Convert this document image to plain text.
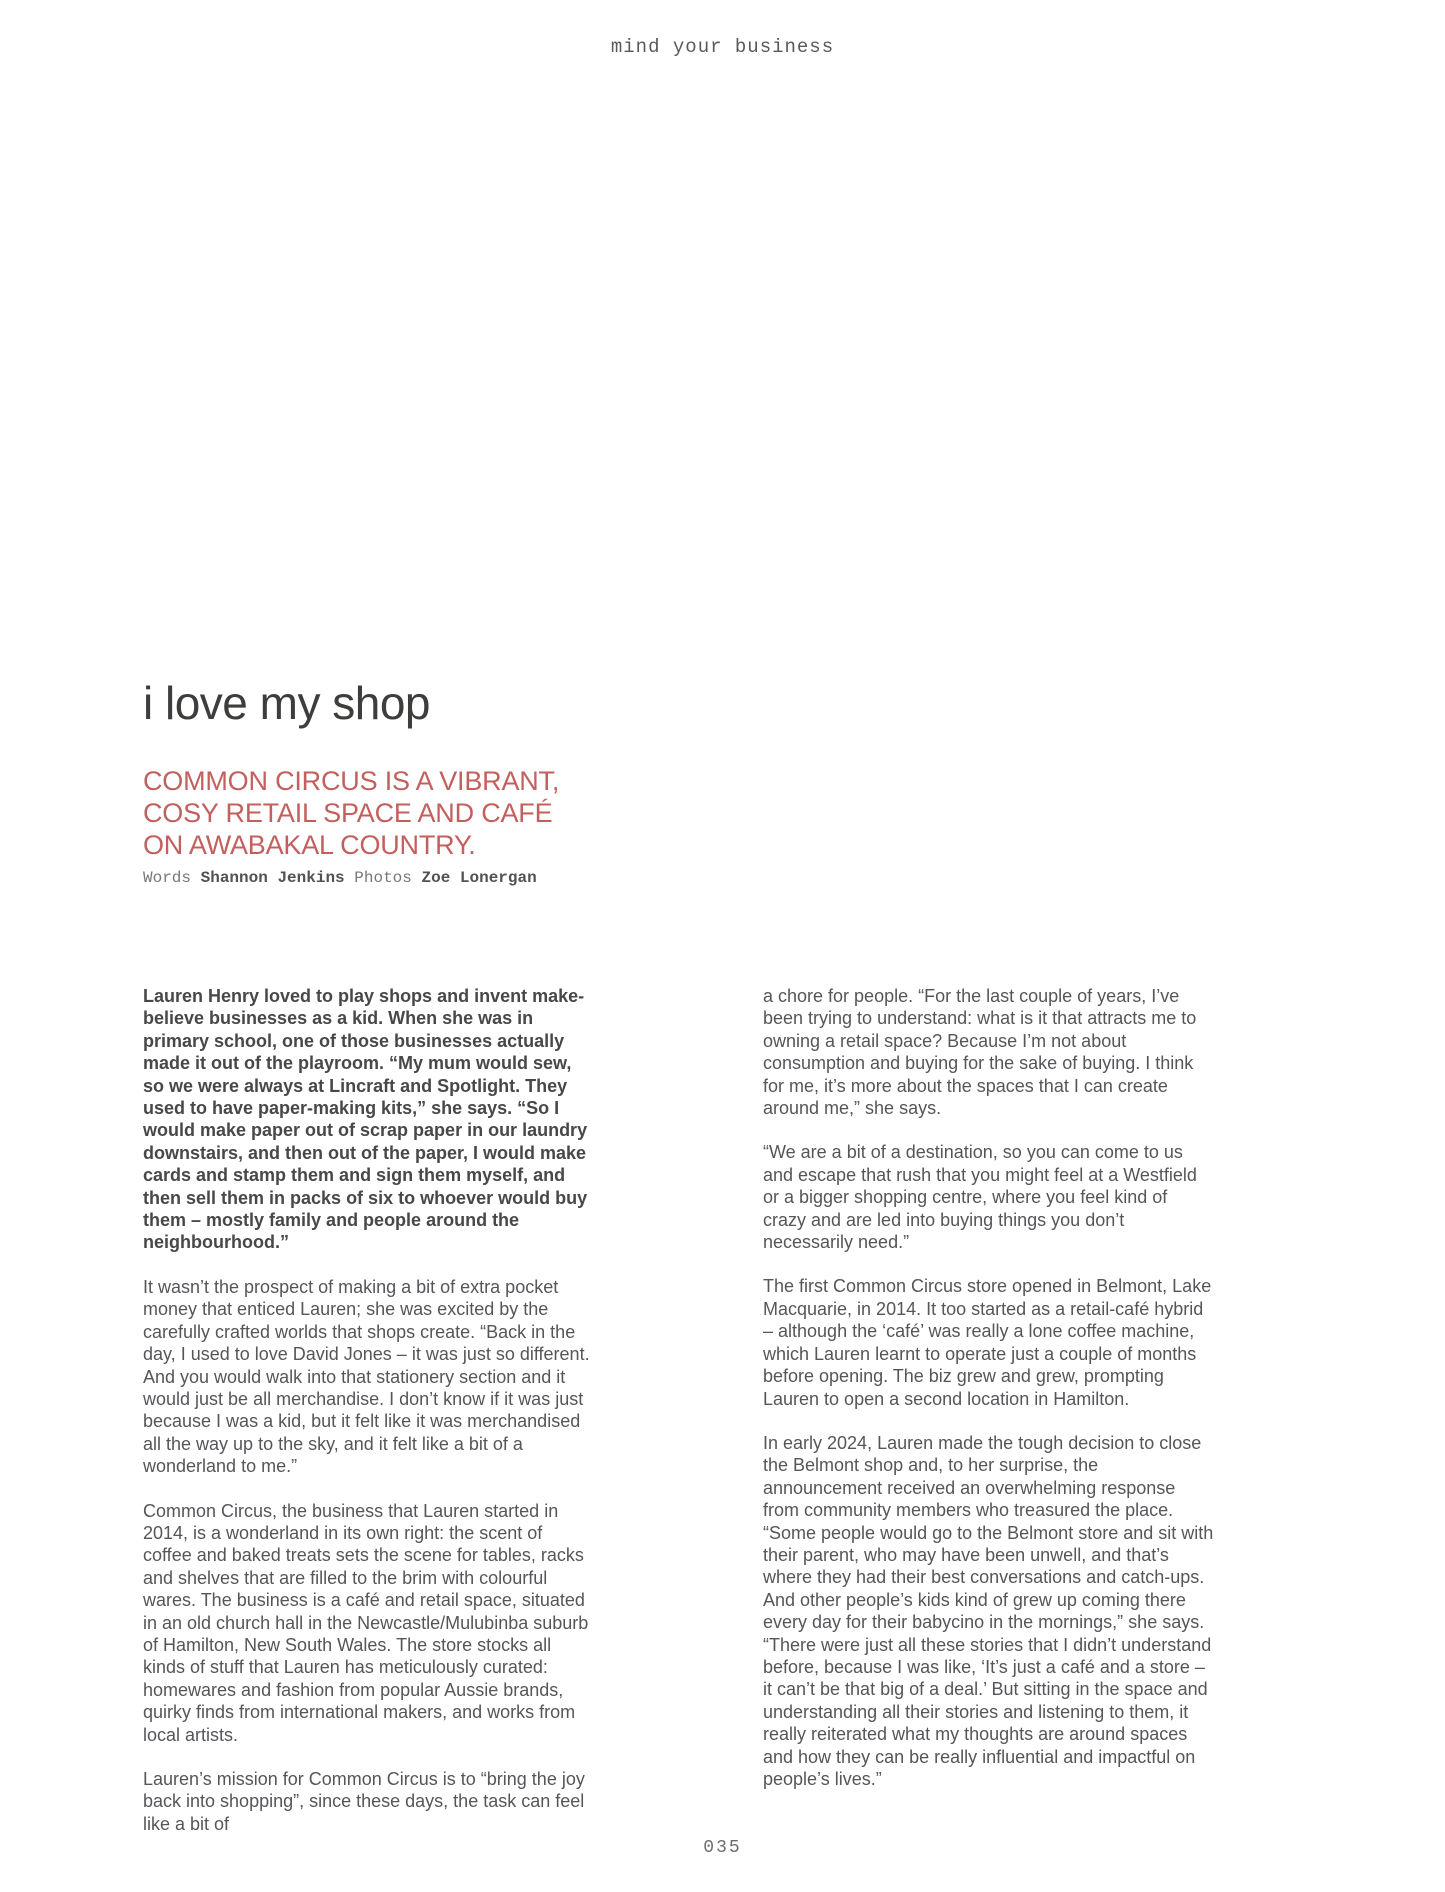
mind your business
i love my shop
COMMON CIRCUS IS A VIBRANT,
COSY RETAIL SPACE AND CAFÉ
ON AWABAKAL COUNTRY.
Words Shannon Jenkins Photos Zoe Lonergan

Lauren Henry loved to play shops and invent make-believe businesses as a kid. When she was in primary school, one of those businesses actually made it out of the playroom. “My mum would sew, so we were always at Lincraft and Spotlight. They used to have paper-making kits,” she says. “So I would make paper out of scrap paper in our laundry downstairs, and then out of the paper, I would make cards and stamp them and sign them myself, and then sell them in packs of six to whoever would buy them – mostly family and people around the neighbourhood.”

It wasn’t the prospect of making a bit of extra pocket money that enticed Lauren; she was excited by the carefully crafted worlds that shops create. “Back in the day, I used to love David Jones – it was just so different. And you would walk into that stationery section and it would just be all merchandise. I don’t know if it was just because I was a kid, but it felt like it was merchandised all the way up to the sky, and it felt like a bit of a wonderland to me.”

Common Circus, the business that Lauren started in 2014, is a wonderland in its own right: the scent of coffee and baked treats sets the scene for tables, racks and shelves that are filled to the brim with colourful wares. The business is a café and retail space, situated in an old church hall in the Newcastle/Mulubinba suburb of Hamilton, New South Wales. The store stocks all kinds of stuff that Lauren has meticulously curated: homewares and fashion from popular Aussie brands, quirky finds from international makers, and works from local artists.

Lauren’s mission for Common Circus is to “bring the joy back into shopping”, since these days, the task can feel like a bit of

a chore for people. “For the last couple of years, I’ve been trying to understand: what is it that attracts me to owning a retail space? Because I’m not about consumption and buying for the sake of buying. I think for me, it’s more about the spaces that I can create around me,” she says.

“We are a bit of a destination, so you can come to us and escape that rush that you might feel at a Westfield or a bigger shopping centre, where you feel kind of crazy and are led into buying things you don’t necessarily need.”

The first Common Circus store opened in Belmont, Lake Macquarie, in 2014. It too started as a retail-café hybrid – although the ‘café’ was really a lone coffee machine, which Lauren learnt to operate just a couple of months before opening. The biz grew and grew, prompting Lauren to open a second location in Hamilton.

In early 2024, Lauren made the tough decision to close the Belmont shop and, to her surprise, the announcement received an overwhelming response from community members who treasured the place. “Some people would go to the Belmont store and sit with their parent, who may have been unwell, and that’s where they had their best conversations and catch-ups. And other people’s kids kind of grew up coming there every day for their babycino in the mornings,” she says. “There were just all these stories that I didn’t understand before, because I was like, ‘It’s just a café and a store – it can’t be that big of a deal.’ But sitting in the space and understanding all their stories and listening to them, it really reiterated what my thoughts are around spaces and how they can be really influential and impactful on people’s lives.”

035
